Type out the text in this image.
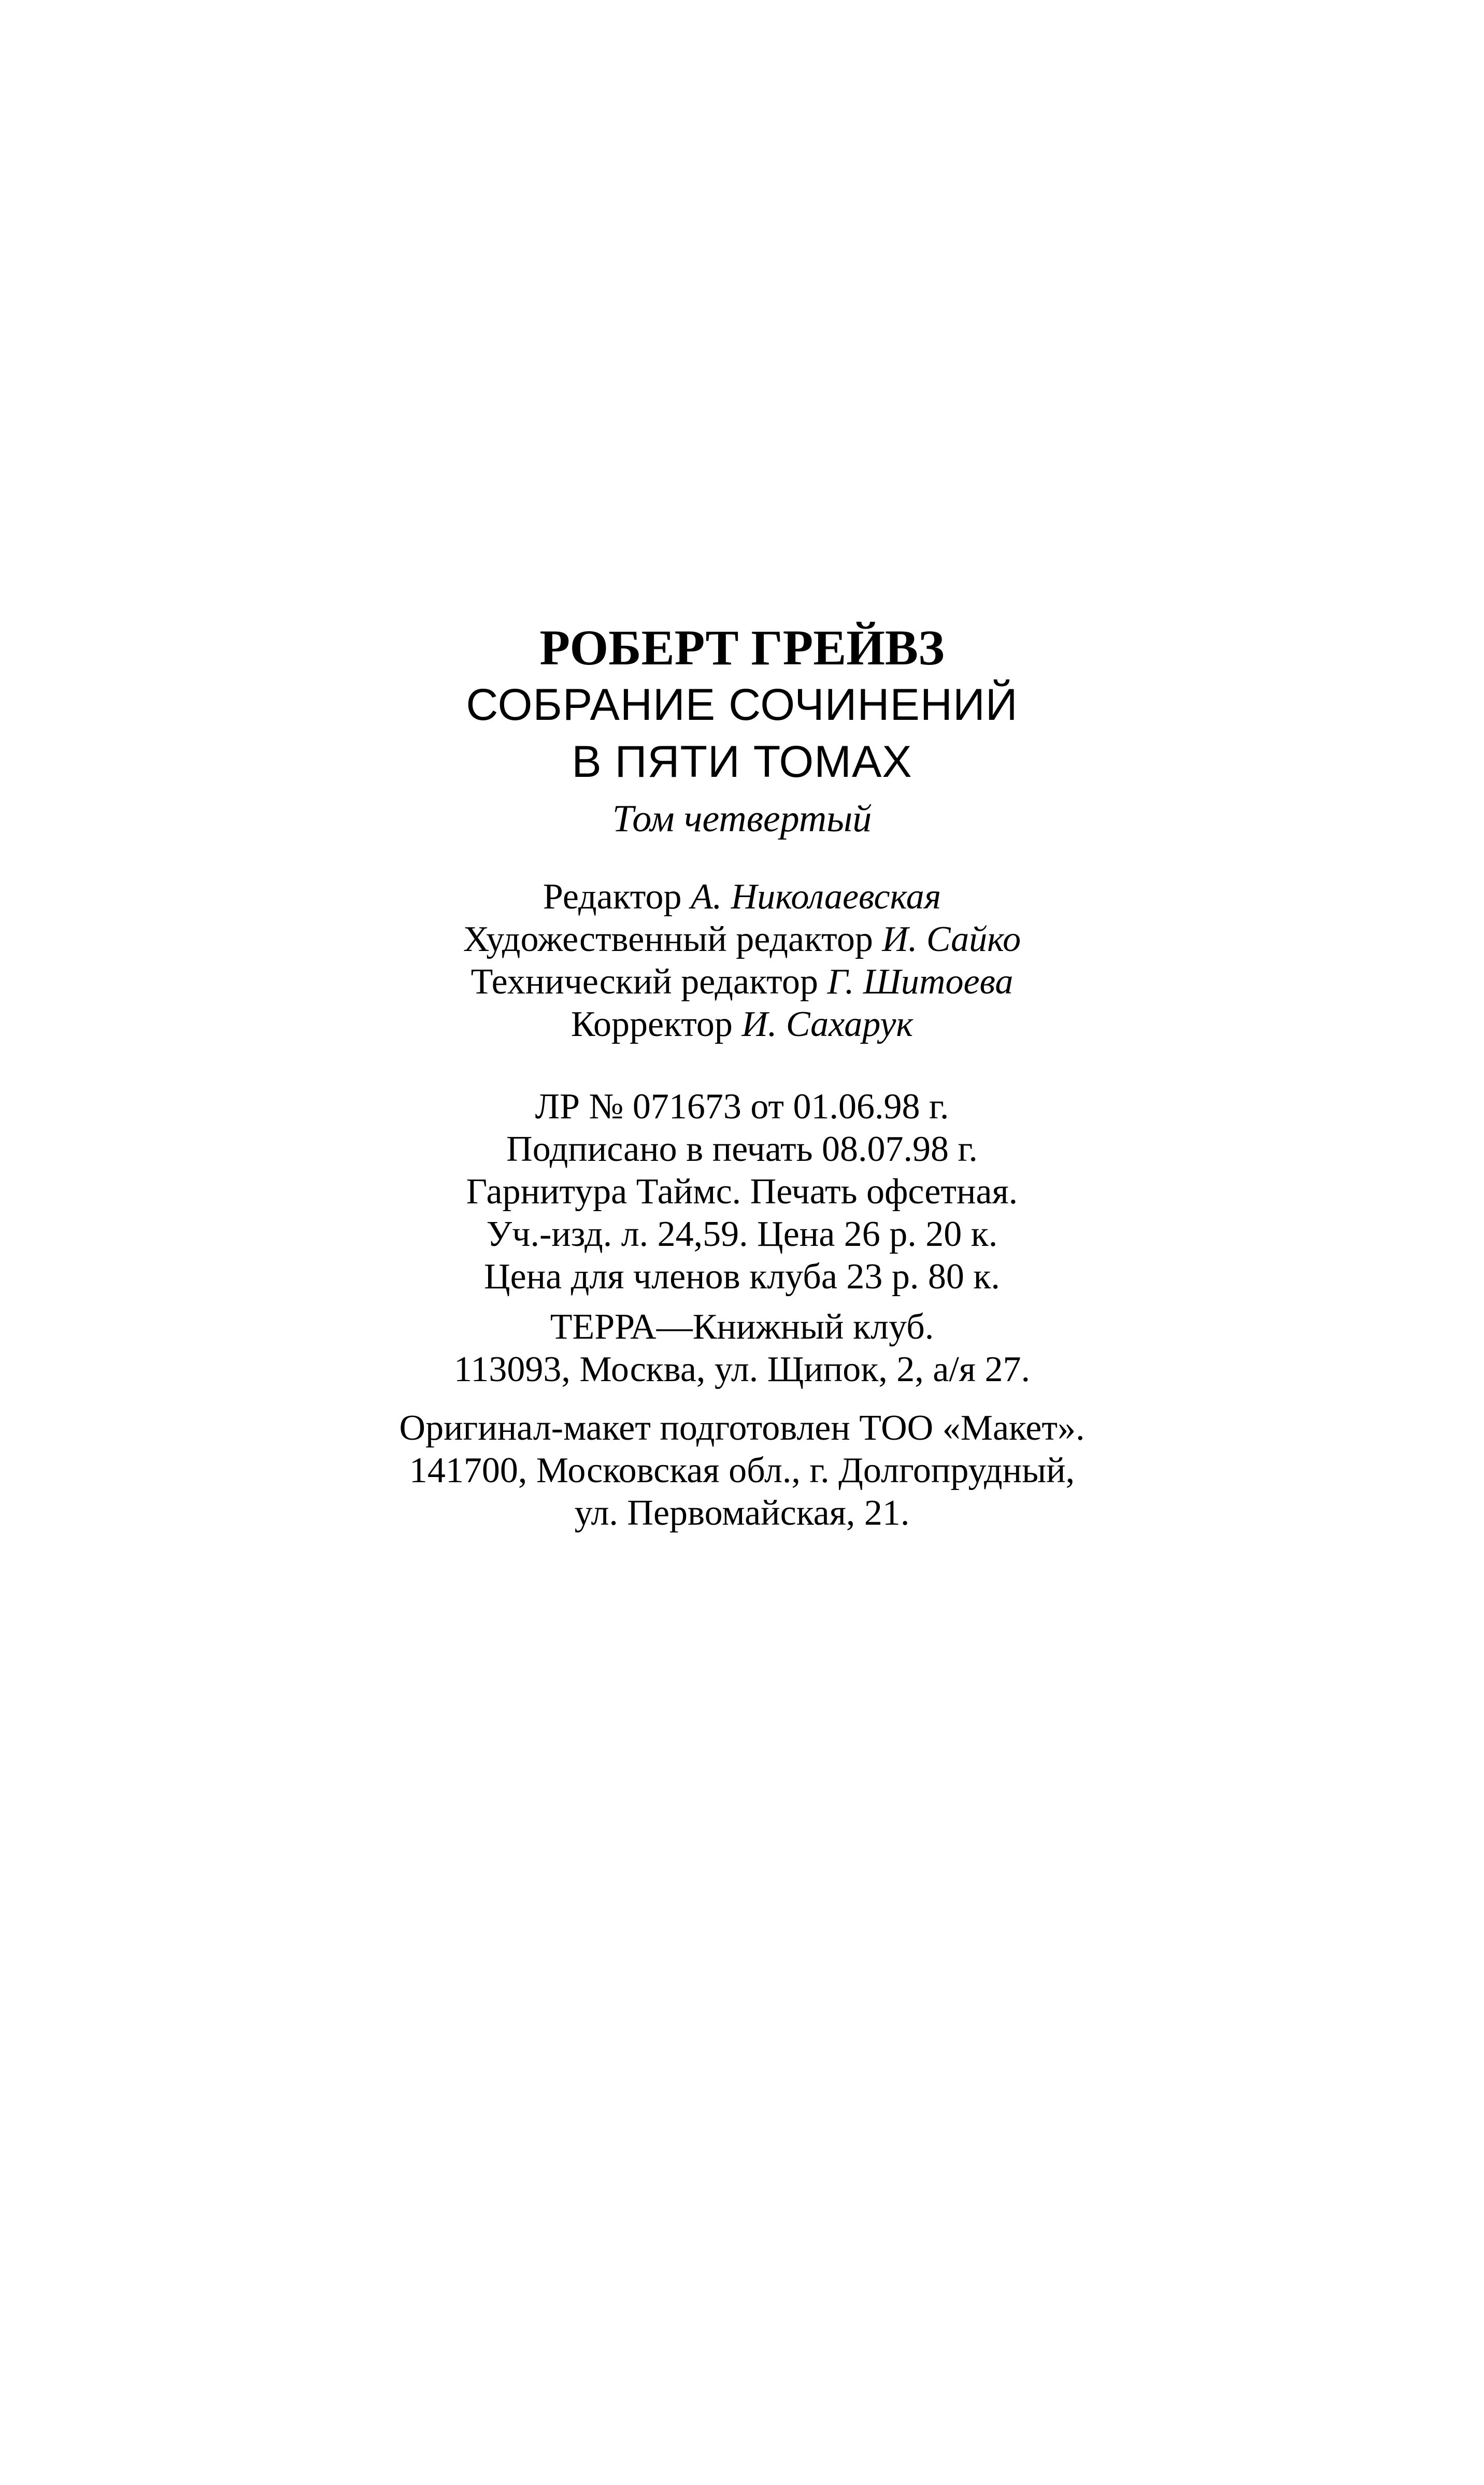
РОБЕРТ ГРЕЙВЗ
СОБРАНИЕ СОЧИНЕНИЙ
В ПЯТИ ТОМАХ
Том четвертый
Редактор А. Николаевская
Художественный редактор И. Сайко
Технический редактор Г. Шитоева
Корректор И. Сахарук
ЛР № 071673 от 01.06.98 г.
Подписано в печать 08.07.98 г.
Гарнитура Таймс. Печать офсетная.
Уч.-изд. л. 24,59. Цена 26 р. 20 к.
Цена для членов клуба 23 р. 80 к.
ТЕРРА—Книжный клуб.
113093, Москва, ул. Щипок, 2, а/я 27.
Оригинал-макет подготовлен ТОО «Макет».
141700, Московская обл., г. Долгопрудный,
ул. Первомайская, 21.
